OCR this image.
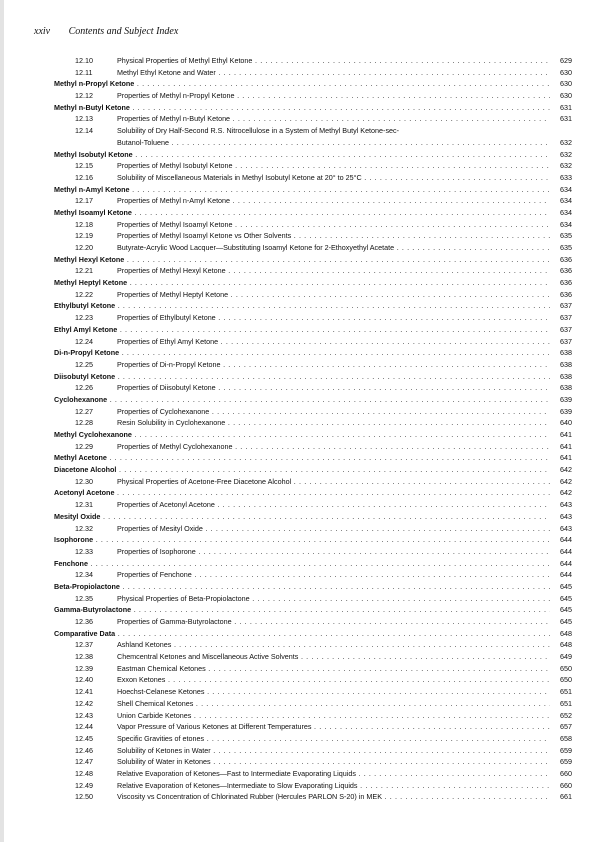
xxiv Contents and Subject Index
12.10	Physical Properties of Methyl Ethyl Ketone . . .	629
12.11	Methyl Ethyl Ketone and Water . . .	630
Methyl n-Propyl Ketone . . .	630
12.12	Properties of Methyl n-Propyl Ketone . . .	630
Methyl n-Butyl Ketone . . .	631
12.13	Properties of Methyl n-Butyl Ketone . . .	631
12.14	Solubility of Dry Half-Second R.S. Nitrocellulose in a System of Methyl Butyl Ketone-sec-
Butanol-Toluene . . .	632
Methyl Isobutyl Ketone . . .	632
12.15	Properties of Methyl Isobutyl Ketone . . .	632
12.16	Solubility of Miscellaneous Materials in Methyl Isobutyl Ketone at 20° to 25°C . . .	633
Methyl n-Amyl Ketone . . .	634
12.17	Properties of Methyl n-Amyl Ketone . . .	634
Methyl Isoamyl Ketone . . .	634
12.18	Properties of Methyl Isoamyl Ketone . . .	634
12.19	Properties of Methyl Isoamyl Ketone vs Other Solvents . . .	635
12.20	Butyrate-Acrylic Wood Lacquer—Substituting Isoamyl Ketone for 2-Ethoxyethyl Acetate . . .	635
Methyl Hexyl Ketone . . .	636
12.21	Properties of Methyl Hexyl Ketone . . .	636
Methyl Heptyl Ketone . . .	636
12.22	Properties of Methyl Heptyl Ketone . . .	636
Ethylbutyl Ketone . . .	637
12.23	Properties of Ethylbutyl Ketone . . .	637
Ethyl Amyl Ketone . . .	637
12.24	Properties of Ethyl Amyl Ketone . . .	637
Di-n-Propyl Ketone . . .	638
12.25	Properties of Di-n-Propyl Ketone . . .	638
Diisobutyl Ketone . . .	638
12.26	Properties of Diisobutyl Ketone . . .	638
Cyclohexanone . . .	639
12.27	Properties of Cyclohexanone . . .	639
12.28	Resin Solubility in Cyclohexanone . . .	640
Methyl Cyclohexanone . . .	641
12.29	Properties of Methyl Cyclohexanone . . .	641
Methyl Acetone . . .	641
Diacetone Alcohol . . .	642
12.30	Physical Properties of Acetone-Free Diacetone Alcohol . . .	642
Acetonyl Acetone . . .	642
12.31	Properties of Acetonyl Acetone . . .	643
Mesityl Oxide . . .	643
12.32	Properties of Mesityl Oxide . . .	643
Isophorone . . .	644
12.33	Properties of Isophorone . . .	644
Fenchone . . .	644
12.34	Properties of Fenchone . . .	644
Beta-Propiolactone . . .	645
12.35	Physical Properties of Beta-Propiolactone . . .	645
Gamma-Butyrolactone . . .	645
12.36	Properties of Gamma-Butyrolactone . . .	645
Comparative Data . . .	648
12.37	Ashland Ketones . . .	648
12.38	Chemcentral Ketones and Miscellaneous Active Solvents . . .	649
12.39	Eastman Chemical Ketones . . .	650
12.40	Exxon Ketones . . .	650
12.41	Hoechst-Celanese Ketones . . .	651
12.42	Shell Chemical Ketones . . .	651
12.43	Union Carbide Ketones . . .	652
12.44	Vapor Pressure of Various Ketones at Different Temperatures . . .	657
12.45	Specific Gravities of etones . . .	658
12.46	Solubility of Ketones in Water . . .	659
12.47	Solubility of Water in Ketones . . .	659
12.48	Relative Evaporation of Ketones—Fast to Intermediate Evaporating Liquids . . .	660
12.49	Relative Evaporation of Ketones—Intermediate to Slow Evaporating Liquids . . .	660
12.50	Viscosity vs Concentration of Chlorinated Rubber (Hercules PARLON S-20) in MEK . . .	661
